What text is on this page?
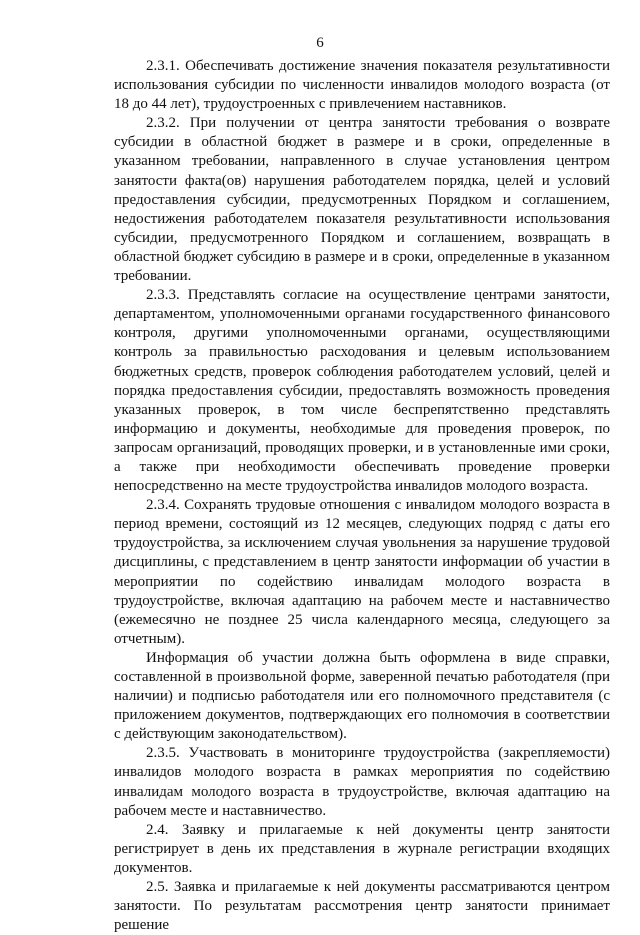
6

2.3.1. Обеспечивать достижение значения показателя результативности использования субсидии по численности инвалидов молодого возраста (от 18 до 44 лет), трудоустроенных с привлечением наставников.

2.3.2. При получении от центра занятости требования о возврате субсидии в областной бюджет в размере и в сроки, определенные в указанном требовании, направленного в случае установления центром занятости факта(ов) нарушения работодателем порядка, целей и условий предоставления субсидии, предусмотренных Порядком и соглашением, недостижения работодателем показателя результативности использования субсидии, предусмотренного Порядком и соглашением, возвращать в областной бюджет субсидию в размере и в сроки, определенные в указанном требовании.

2.3.3. Представлять согласие на осуществление центрами занятости, департаментом, уполномоченными органами государственного финансового контроля, другими уполномоченными органами, осуществляющими контроль за правильностью расходования и целевым использованием бюджетных средств, проверок соблюдения работодателем условий, целей и порядка предоставления субсидии, предоставлять возможность проведения указанных проверок, в том числе беспрепятственно представлять информацию и документы, необходимые для проведения проверок, по запросам организаций, проводящих проверки, и в установленные ими сроки, а также при необходимости обеспечивать проведение проверки непосредственно на месте трудоустройства инвалидов молодого возраста.

2.3.4. Сохранять трудовые отношения с инвалидом молодого возраста в период времени, состоящий из 12 месяцев, следующих подряд с даты его трудоустройства, за исключением случая увольнения за нарушение трудовой дисциплины, с представлением в центр занятости информации об участии в мероприятии по содействию инвалидам молодого возраста в трудоустройстве, включая адаптацию на рабочем месте и наставничество (ежемесячно не позднее 25 числа календарного месяца, следующего за отчетным).

Информация об участии должна быть оформлена в виде справки, составленной в произвольной форме, заверенной печатью работодателя (при наличии) и подписью работодателя или его полномочного представителя (с приложением документов, подтверждающих его полномочия в соответствии с действующим законодательством).

2.3.5. Участвовать в мониторинге трудоустройства (закрепляемости) инвалидов молодого возраста в рамках мероприятия по содействию инвалидам молодого возраста в трудоустройстве, включая адаптацию на рабочем месте и наставничество.

2.4. Заявку и прилагаемые к ней документы центр занятости регистрирует в день их представления в журнале регистрации входящих документов.

2.5. Заявка и прилагаемые к ней документы рассматриваются центром занятости. По результатам рассмотрения центр занятости принимает решение
